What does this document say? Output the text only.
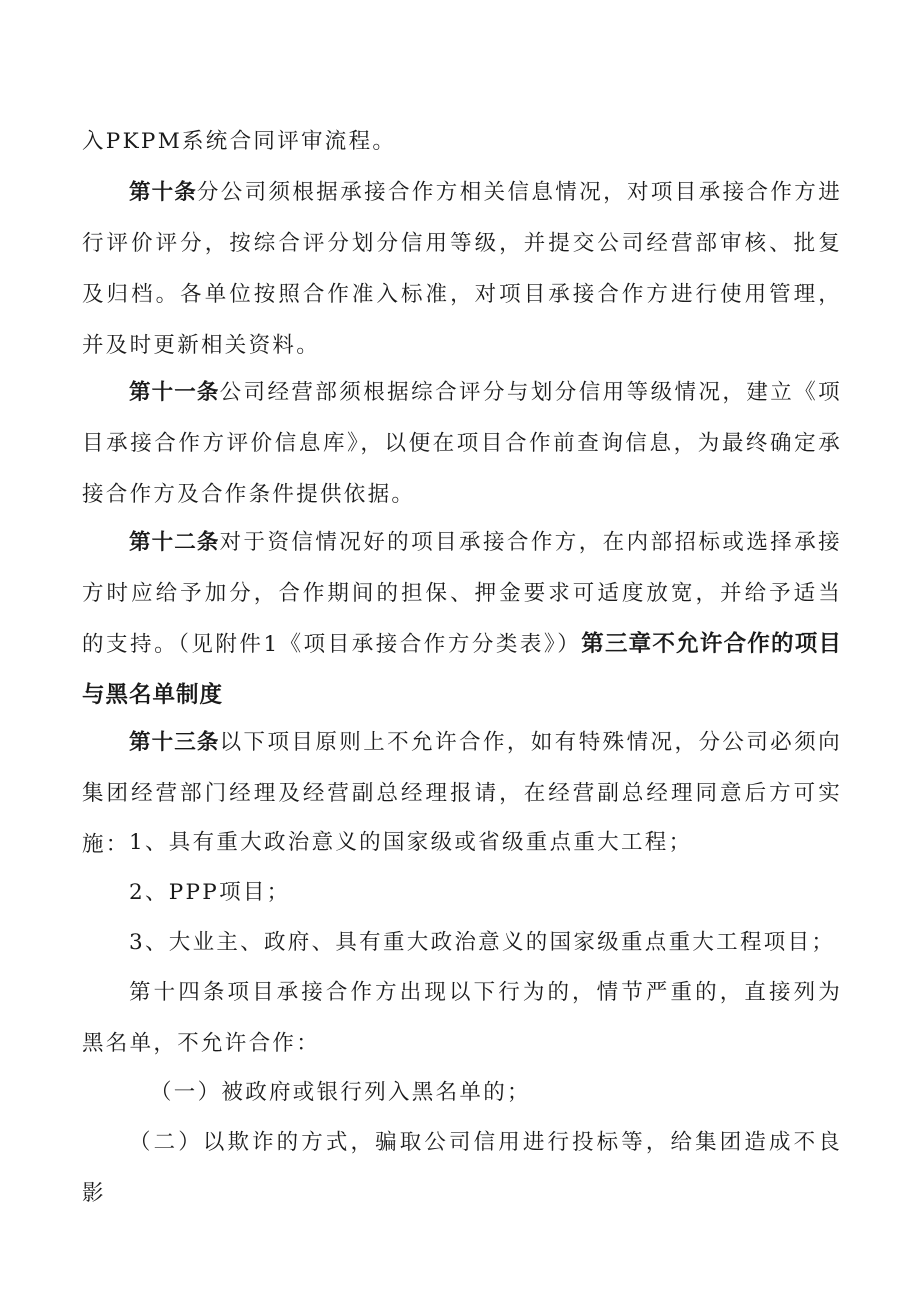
入PKPM系统合同评审流程。

第十条分公司须根据承接合作方相关信息情况，对项目承接合作方进行评价评分，按综合评分划分信用等级，并提交公司经营部审核、批复及归档。各单位按照合作准入标准，对项目承接合作方进行使用管理，并及时更新相关资料。

第十一条公司经营部须根据综合评分与划分信用等级情况，建立《项目承接合作方评价信息库》，以便在项目合作前查询信息，为最终确定承接合作方及合作条件提供依据。

第十二条对于资信情况好的项目承接合作方，在内部招标或选择承接方时应给予加分，合作期间的担保、押金要求可适度放宽，并给予适当的支持。（见附件1《项目承接合作方分类表》）第三章不允许合作的项目与黑名单制度

第十三条以下项目原则上不允许合作，如有特殊情况，分公司必须向集团经营部门经理及经营副总经理报请，在经营副总经理同意后方可实施： 1、具有重大政治意义的国家级或省级重点重大工程；

2、PPP项目；

3、大业主、政府、具有重大政治意义的国家级重点重大工程项目；

第十四条项目承接合作方出现以下行为的，情节严重的，直接列为黑名单，不允许合作：

（一）被政府或银行列入黑名单的；

（二）以欺诈的方式，骗取公司信用进行投标等，给集团造成不良影
